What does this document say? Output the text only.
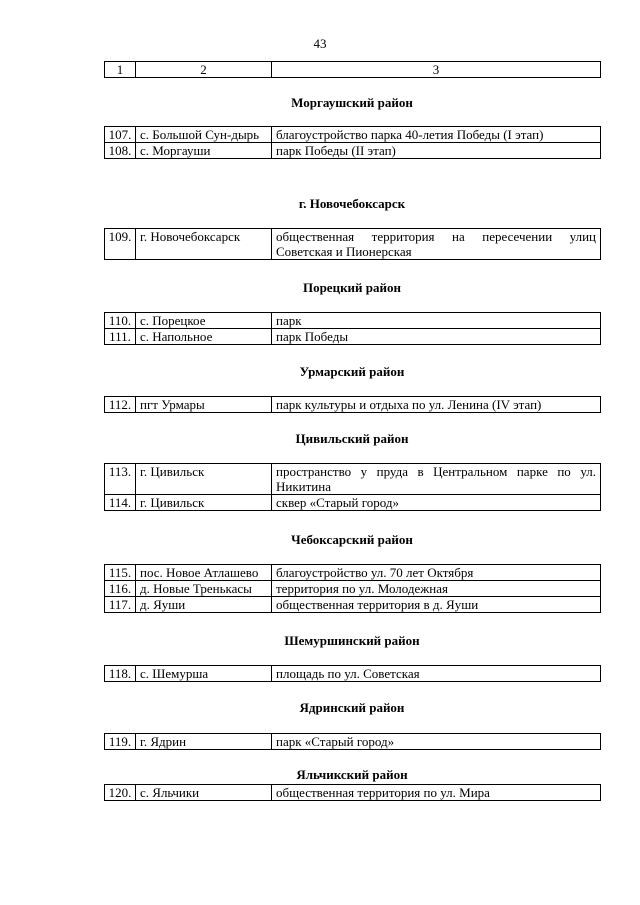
43
1	2	3
Моргаушский район
107.	с. Большой Сун-дырь	благоустройство парка 40-летия Победы (I этап)
108.	с. Моргауши	парк Победы (II этап)
г. Новочебоксарск
109.	г. Новочебоксарск	общественная территория на пересечении улиц Советская и Пионерская
Порецкий район
110.	с. Порецкое	парк
111.	с. Напольное	парк Победы
Урмарский район
112.	пгт Урмары	парк культуры и отдыха по ул. Ленина (IV этап)
Цивильский район
113.	г. Цивильск	пространство у пруда в Центральном парке по ул. Никитина
114.	г. Цивильск	сквер «Старый город»
Чебоксарский район
115.	пос. Новое Атлашево	благоустройство ул. 70 лет Октября
116.	д. Новые Тренькасы	территория по ул. Молодежная
117.	д. Яуши	общественная территория в д. Яуши
Шемуршинский район
118.	с. Шемурша	площадь по ул. Советская
Ядринский район
119.	г. Ядрин	парк «Старый город»
Яльчикский район
120.	с. Яльчики	общественная территория по ул. Мира
